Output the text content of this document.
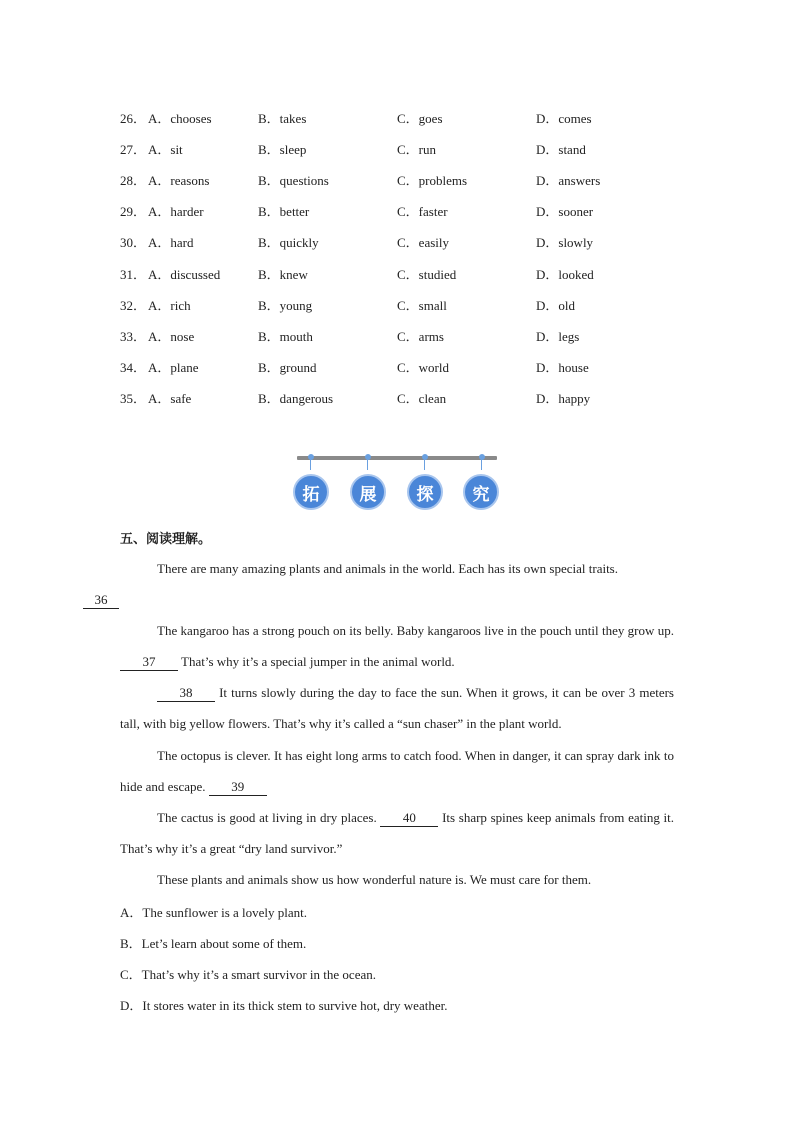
26． A．chooses	B．takes	C．goes	D．comes
27． A．sit	B．sleep	C．run	D．stand
28． A．reasons	B．questions	C．problems	D．answers
29． A．harder	B．better	C．faster	D．sooner
30． A．hard	B．quickly	C．easily	D．slowly
31． A．discussed	B．knew	C．studied	D．looked
32． A．rich	B．young	C．small	D．old
33． A．nose	B．mouth	C．arms	D．legs
34． A．plane	B．ground	C．world	D．house
35． A．safe	B．dangerous	C．clean	D．happy
拓	展	探	究
五、阅读理解。

There are many amazing plants and animals in the world. Each has its own special traits.
36

The kangaroo has a strong pouch on its belly. Baby kangaroos live in the pouch until they grow up. 37 That’s why it’s a special jumper in the animal world.

38 It turns slowly during the day to face the sun. When it grows, it can be over 3 meters tall, with big yellow flowers. That’s why it’s called a “sun chaser” in the plant world.

The octopus is clever. It has eight long arms to catch food. When in danger, it can spray dark ink to hide and escape. 39

The cactus is good at living in dry places. 40 Its sharp spines keep animals from eating it. That’s why it’s a great “dry land survivor.”

These plants and animals show us how wonderful nature is. We must care for them.

A．The sunflower is a lovely plant.
B．Let’s learn about some of them.
C．That’s why it’s a smart survivor in the ocean.
D．It stores water in its thick stem to survive hot, dry weather.
